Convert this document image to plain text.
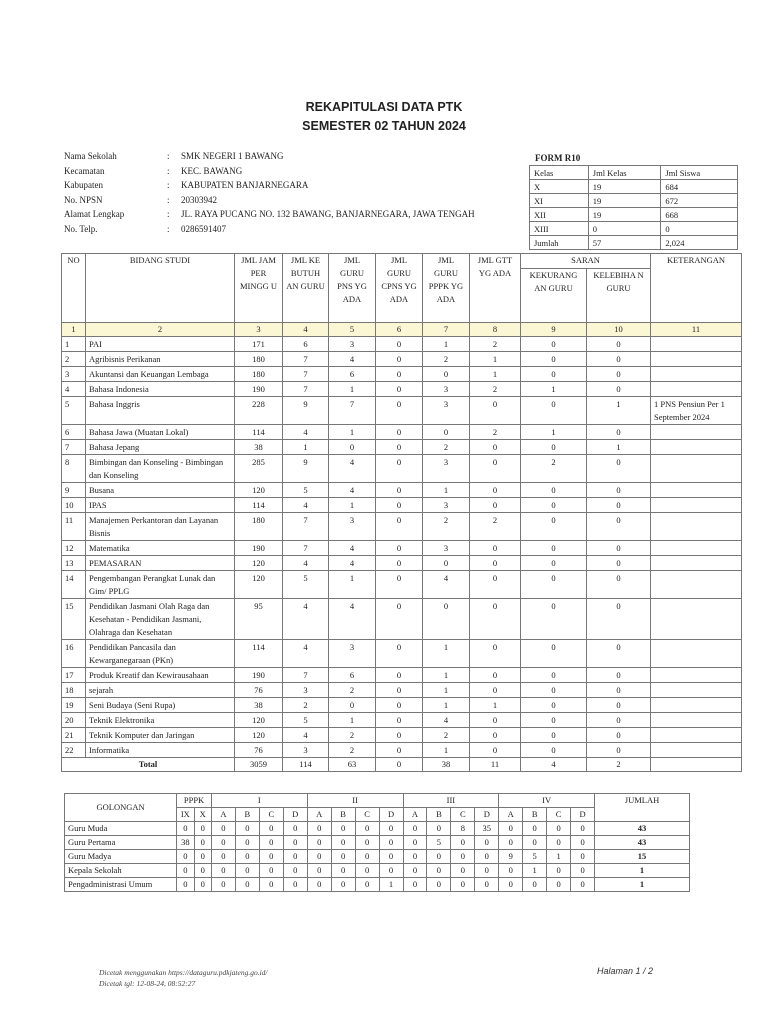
REKAPITULASI DATA PTK
SEMESTER 02 TAHUN 2024
Nama Sekolah	:	SMK NEGERI 1 BAWANG
Kecamatan	:	KEC. BAWANG
Kabupaten	:	KABUPATEN BANJARNEGARA
No. NPSN	:	20303942
Alamat Lengkap	:	JL. RAYA PUCANG NO. 132 BAWANG, BANJARNEGARA, JAWA TENGAH
No. Telp.	:	0286591407
FORM R10
Kelas	Jml Kelas	Jml Siswa
X	19	684
XI	19	672
XII	19	668
XIII	0	0
Jumlah	57	2,024
NO	BIDANG STUDI	JML JAM PER MINGG U	JML KE BUTUH AN GURU	JML GURU PNS YG ADA	JML GURU CPNS YG ADA	JML GURU PPPK YG ADA	JML GTT YG ADA	SARAN		KETERANGAN
								KEKURANG AN GURU	KELEBIHA N GURU	
1	2	3	4	5	6	7	8	9	10	11
1	PAI	171	6	3	0	1	2	0	0	
2	Agribisnis Perikanan	180	7	4	0	2	1	0	0	
3	Akuntansi dan Keuangan Lembaga	180	7	6	0	0	1	0	0	
4	Bahasa Indonesia	190	7	1	0	3	2	1	0	
5	Bahasa Inggris	228	9	7	0	3	0	0	1	1 PNS Pensiun Per 1 September 2024
6	Bahasa Jawa (Muatan Lokal)	114	4	1	0	0	2	1	0	
7	Bahasa Jepang	38	1	0	0	2	0	0	1	
8	Bimbingan dan Konseling - Bimbingan dan Konseling	285	9	4	0	3	0	2	0	
9	Busana	120	5	4	0	1	0	0	0	
10	IPAS	114	4	1	0	3	0	0	0	
11	Manajemen Perkantoran dan Layanan Bisnis	180	7	3	0	2	2	0	0	
12	Matematika	190	7	4	0	3	0	0	0	
13	PEMASARAN	120	4	4	0	0	0	0	0	
14	Pengembangan Perangkat Lunak dan Gim/ PPLG	120	5	1	0	4	0	0	0	
15	Pendidikan Jasmani Olah Raga dan Kesehatan - Pendidikan Jasmani, Olahraga dan Kesehatan	95	4	4	0	0	0	0	0	
16	Pendidikan Pancasila dan Kewarganegaraan (PKn)	114	4	3	0	1	0	0	0	
17	Produk Kreatif dan Kewirausahaan	190	7	6	0	1	0	0	0	
18	sejarah	76	3	2	0	1	0	0	0	
19	Seni Budaya (Seni Rupa)	38	2	0	0	1	1	0	0	
20	Teknik Elektronika	120	5	1	0	4	0	0	0	
21	Teknik Komputer dan Jaringan	120	4	2	0	2	0	0	0	
22	Informatika	76	3	2	0	1	0	0	0	
Total		3059	114	63	0	38	11	4	2	
GOLONGAN	PPPK		I				II				III				IV				JUMLAH
	IX	X	A	B	C	D	A	B	C	D	A	B	C	D	A	B	C	D	
Guru Muda	0	0	0	0	0	0	0	0	0	0	0	0	8	35	0	0	0	0	43
Guru Pertama	38	0	0	0	0	0	0	0	0	0	0	5	0	0	0	0	0	0	43
Guru Madya	0	0	0	0	0	0	0	0	0	0	0	0	0	0	9	5	1	0	15
Kepala Sekolah	0	0	0	0	0	0	0	0	0	0	0	0	0	0	0	1	0	0	1
Pengadministrasi Umum	0	0	0	0	0	0	0	0	0	1	0	0	0	0	0	0	0	0	1
Dicetak menggunakan https://dataguru.pdkjateng.go.id/
Dicetak tgl: 12-08-24, 08:52:27
Halaman 1 / 2
